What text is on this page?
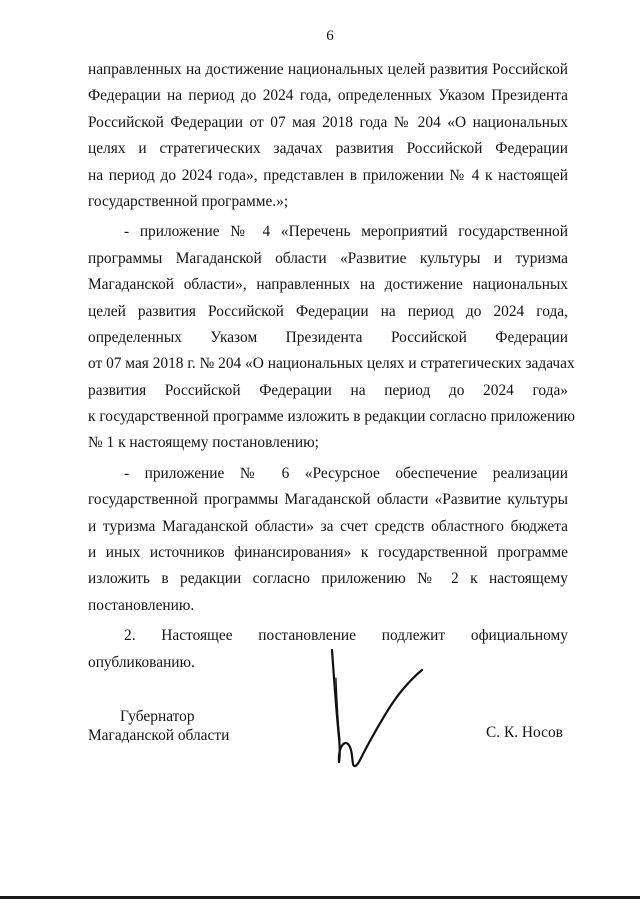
6
направленных на достижение национальных целей развития Российской
Федерации на период до 2024 года, определенных Указом Президента
Российской Федерации от 07 мая 2018 года № 204 «О национальных
целях и стратегических задачах развития Российской Федерации
на период до 2024 года», представлен в приложении № 4 к настоящей
государственной программе.»;
- приложение № 4 «Перечень мероприятий государственной
программы Магаданской области «Развитие культуры и туризма
Магаданской области», направленных на достижение национальных
целей развития Российской Федерации на период до 2024 года,
определенных Указом Президента Российской Федерации
от 07 мая 2018 г. № 204 «О национальных целях и стратегических задачах
развития Российской Федерации на период до 2024 года»
к государственной программе изложить в редакции согласно приложению
№ 1 к настоящему постановлению;
- приложение № 6 «Ресурсное обеспечение реализации
государственной программы Магаданской области «Развитие культуры
и туризма Магаданской области» за счет средств областного бюджета
и иных источников финансирования» к государственной программе
изложить в редакции согласно приложению № 2 к настоящему
постановлению.
2. Настоящее постановление подлежит официальному
опубликованию.
Губернатор
Магаданской области	С. К. Носов
